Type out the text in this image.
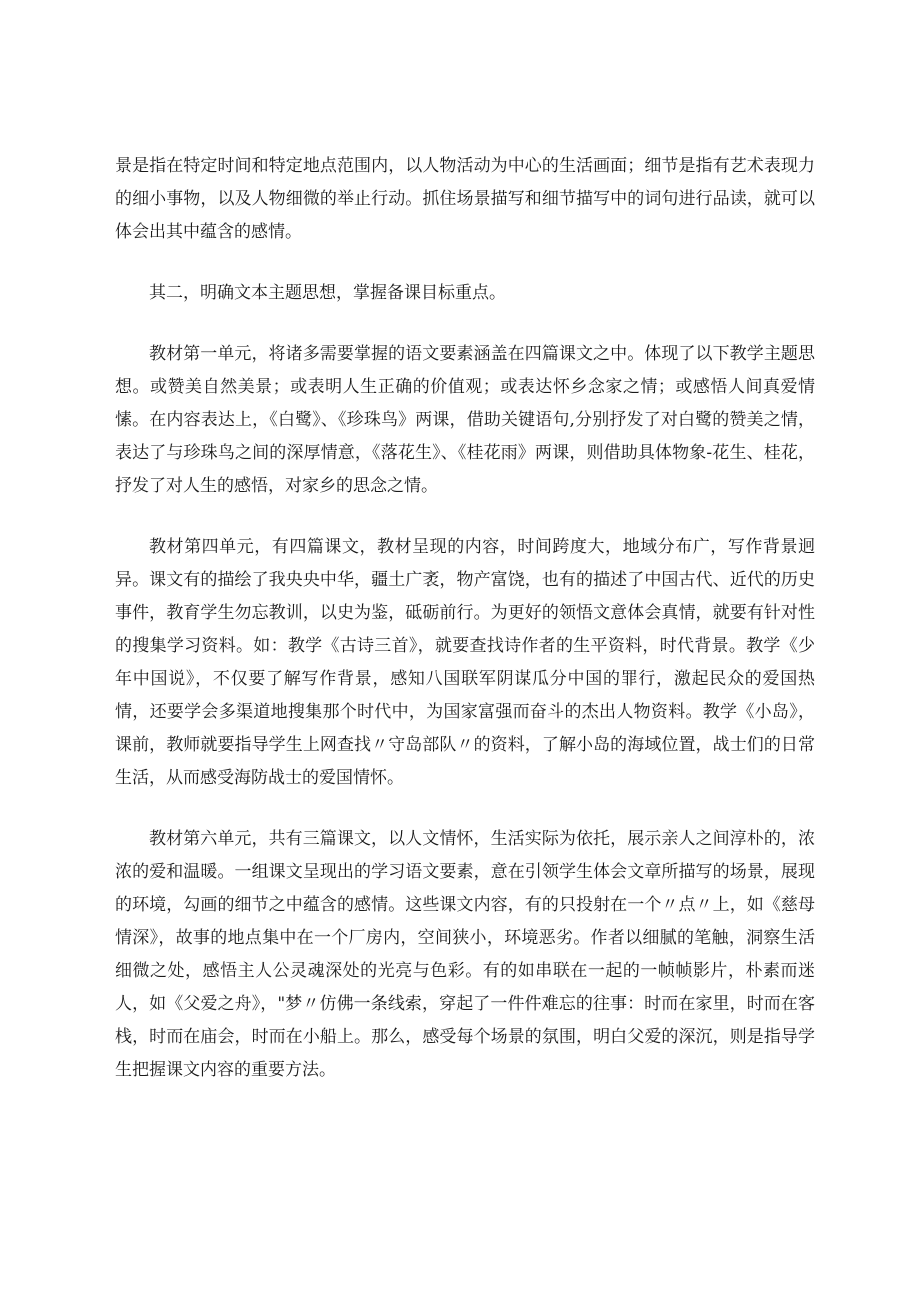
景是指在特定时间和特定地点范围内，以人物活动为中心的生活画面；细节是指有艺术表现力的细小事物，以及人物细微的举止行动。抓住场景描写和细节描写中的词句进行品读，就可以体会出其中蕴含的感情。

其二，明确文本主题思想，掌握备课目标重点。

教材第一单元，将诸多需要掌握的语文要素涵盖在四篇课文之中。体现了以下教学主题思想。或赞美自然美景；或表明人生正确的价值观；或表达怀乡念家之情；或感悟人间真爱情愫。在内容表达上，《白鹭》、《珍珠鸟》两课，借助关键语句,分别抒发了对白鹭的赞美之情，表达了与珍珠鸟之间的深厚情意，《落花生》、《桂花雨》两课，则借助具体物象-花生、桂花，抒发了对人生的感悟，对家乡的思念之情。

教材第四单元，有四篇课文，教材呈现的内容，时间跨度大，地域分布广，写作背景迥异。课文有的描绘了我央央中华，疆土广袤，物产富饶，也有的描述了中国古代、近代的历史事件，教育学生勿忘教训，以史为鉴，砥砺前行。为更好的领悟文意体会真情，就要有针对性的搜集学习资料。如：教学《古诗三首》，就要查找诗作者的生平资料，时代背景。教学《少年中国说》，不仅要了解写作背景，感知八国联军阴谋瓜分中国的罪行，激起民众的爱国热情，还要学会多渠道地搜集那个时代中，为国家富强而奋斗的杰出人物资料。教学《小岛》，课前，教师就要指导学生上网查找〃守岛部队〃的资料，了解小岛的海域位置，战士们的日常生活，从而感受海防战士的爱国情怀。

教材第六单元，共有三篇课文，以人文情怀，生活实际为依托，展示亲人之间淳朴的，浓浓的爱和温暖。一组课文呈现出的学习语文要素，意在引领学生体会文章所描写的场景，展现的环境，勾画的细节之中蕴含的感情。这些课文内容，有的只投射在一个〃点〃上，如《慈母情深》，故事的地点集中在一个厂房内，空间狭小，环境恶劣。作者以细腻的笔触，洞察生活细微之处，感悟主人公灵魂深处的光亮与色彩。有的如串联在一起的一帧帧影片，朴素而迷人，如《父爱之舟》，"梦〃仿佛一条线索，穿起了一件件难忘的往事：时而在家里，时而在客栈，时而在庙会，时而在小船上。那么，感受每个场景的氛围，明白父爱的深沉，则是指导学生把握课文内容的重要方法。
